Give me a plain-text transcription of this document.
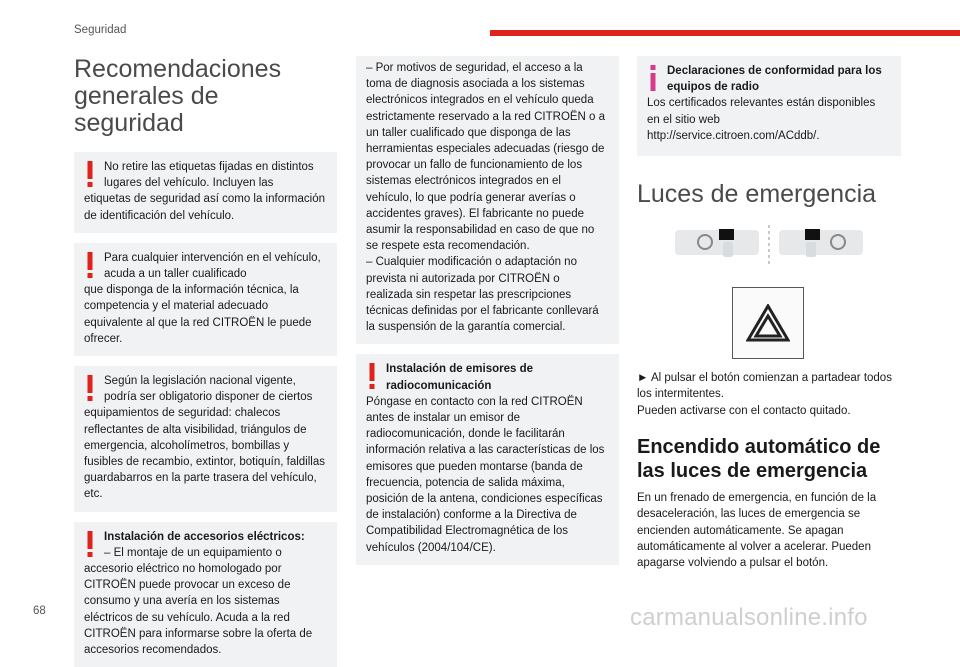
Seguridad
Recomendaciones generales de seguridad
No retire las etiquetas fijadas en distintos lugares del vehículo. Incluyen las
etiquetas de seguridad así como la información de identificación del vehículo.
Para cualquier intervención en el vehículo, acuda a un taller cualificado
que disponga de la información técnica, la competencia y el material adecuado equivalente al que la red CITROËN le puede ofrecer.
Según la legislación nacional vigente, podría ser obligatorio disponer de ciertos
equipamientos de seguridad: chalecos reflectantes de alta visibilidad, triángulos de emergencia, alcoholímetros, bombillas y fusibles de recambio, extintor, botiquín, faldillas guardabarros en la parte trasera del vehículo, etc.
Instalación de accesorios eléctricos:
– El montaje de un equipamiento o
accesorio eléctrico no homologado por CITROËN puede provocar un exceso de consumo y una avería en los sistemas eléctricos de su vehículo. Acuda a la red CITROËN para informarse sobre la oferta de accesorios recomendados.
– Por motivos de seguridad, el acceso a la toma de diagnosis asociada a los sistemas electrónicos integrados en el vehículo queda estrictamente reservado a la red CITROËN o a un taller cualificado que disponga de las herramientas especiales adecuadas (riesgo de provocar un fallo de funcionamiento de los sistemas electrónicos integrados en el vehículo, lo que podría generar averías o accidentes graves). El fabricante no puede asumir la responsabilidad en caso de que no se respete esta recomendación.
– Cualquier modificación o adaptación no prevista ni autorizada por CITROËN o realizada sin respetar las prescripciones técnicas definidas por el fabricante conllevará la suspensión de la garantía comercial.
Instalación de emisores de radiocomunicación
Póngase en contacto con la red CITROËN antes de instalar un emisor de radiocomunicación, donde le facilitarán información relativa a las características de los emisores que pueden montarse (banda de frecuencia, potencia de salida máxima, posición de la antena, condiciones específicas de instalación) conforme a la Directiva de Compatibilidad Electromagnética de los vehículos (2004/104/CE).
Declaraciones de conformidad para los equipos de radio
Los certificados relevantes están disponibles en el sitio web http://service.citroen.com/ACddb/.
Luces de emergencia

► Al pulsar el botón comienzan a partadear todos los intermitentes.

Pueden activarse con el contacto quitado.

Encendido automático de las luces de emergencia

En un frenado de emergencia, en función de la desaceleración, las luces de emergencia se encienden automáticamente. Se apagan automáticamente al volver a acelerar. Pueden apagarse volviendo a pulsar el botón.

68	carmanualsonline.info
